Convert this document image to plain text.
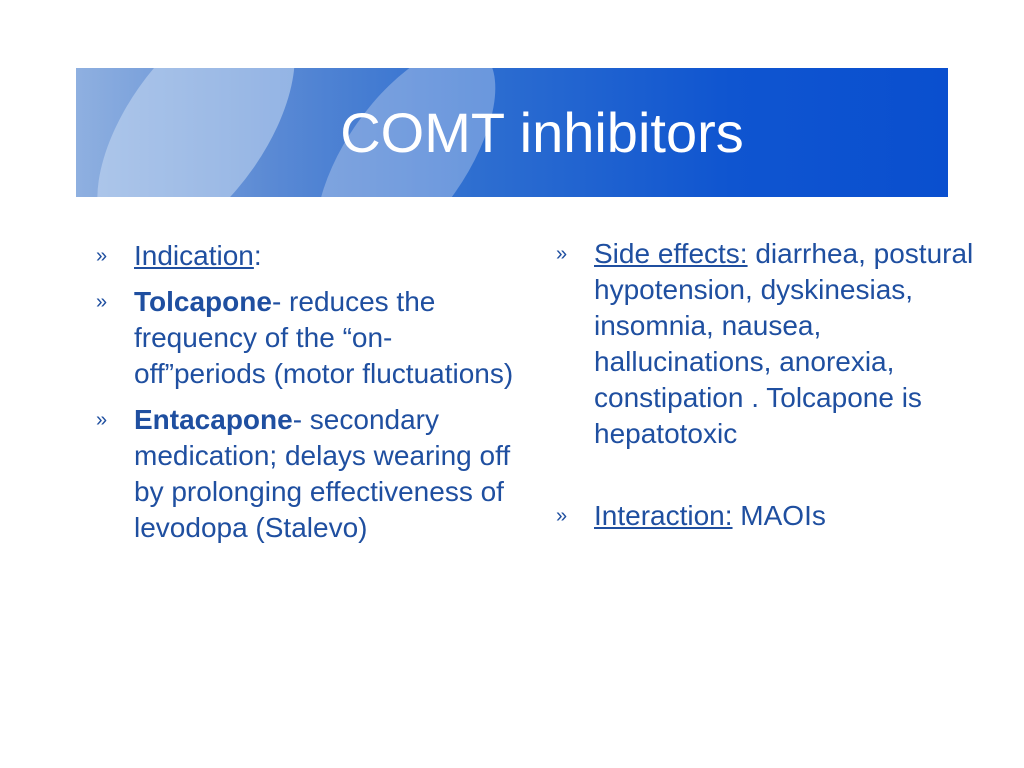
COMT inhibitors
» Indication:
» Tolcapone- reduces the frequency of the “on-off”periods (motor fluctuations)
» Entacapone- secondary medication; delays wearing off by prolonging effectiveness of levodopa (Stalevo)
» Side effects: diarrhea, postural hypotension, dyskinesias, insomnia, nausea, hallucinations, anorexia, constipation . Tolcapone is hepatotoxic
» Interaction: MAOIs
